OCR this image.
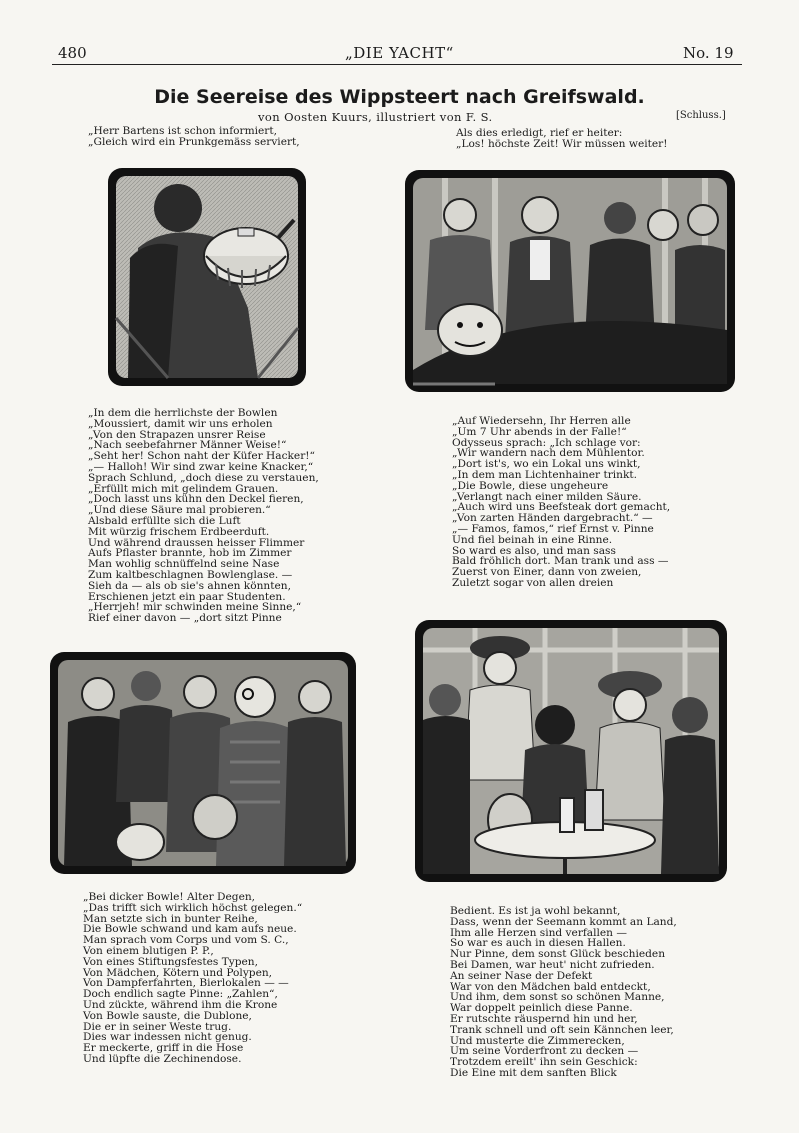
480	„DIE YACHT“	No. 19
Die Seereise des Wippsteert nach Greifswald.
von Oosten Kuurs, illustriert von F. S.	[Schluss.]
„Herr Bartens ist schon informiert,
„Gleich wird ein Prunkgemäss serviert,
Als dies erledigt, rief er heiter:
„Los! höchste Zeit! Wir müssen weiter!
„In dem die herrlichste der Bowlen
„Moussiert, damit wir uns erholen
„Von den Strapazen unsrer Reise
„Nach seebefahrner Männer Weise!“
„Seht her! Schon naht der Küfer Hacker!“
„— Halloh! Wir sind zwar keine Knacker,“
Sprach Schlund, „doch diese zu verstauen,
„Erfüllt mich mit gelindem Grauen.
„Doch lasst uns kühn den Deckel fieren,
„Und diese Säure mal probieren.“
Alsbald erfüllte sich die Luft
Mit würzig frischem Erdbeerduft.
Und während draussen heisser Flimmer
Aufs Pflaster brannte, hob im Zimmer
Man wohlig schnüffelnd seine Nase
Zum kaltbeschlagnen Bowlenglase. —
Sieh da — als ob sie's ahnen könnten,
Erschienen jetzt ein paar Studenten.
„Herrjeh! mir schwinden meine Sinne,“
Rief einer davon — „dort sitzt Pinne
„Auf Wiedersehn, Ihr Herren alle
„Um 7 Uhr abends in der Falle!“
Odysseus sprach: „Ich schlage vor:
„Wir wandern nach dem Mühlentor.
„Dort ist's, wo ein Lokal uns winkt,
„In dem man Lichtenhainer trinkt.
„Die Bowle, diese ungeheure
„Verlangt nach einer milden Säure.
„Auch wird uns Beefsteak dort gemacht,
„Von zarten Händen dargebracht.“ —
„— Famos, famos,“ rief Ernst v. Pinne
Und fiel beinah in eine Rinne.
So ward es also, und man sass
Bald fröhlich dort. Man trank und ass —
Zuerst von Einer, dann von zweien,
Zuletzt sogar von allen dreien
„Bei dicker Bowle! Alter Degen,
„Das trifft sich wirklich höchst gelegen.“
Man setzte sich in bunter Reihe,
Die Bowle schwand und kam aufs neue.
Man sprach vom Corps und vom S. C.,
Von einem blutigen P. P.,
Von eines Stiftungsfestes Typen,
Von Mädchen, Kötern und Polypen,
Von Dampferfahrten, Bierlokalen — —
Doch endlich sagte Pinne: „Zahlen“,
Und zückte, während ihm die Krone
Von Bowle sauste, die Dublone,
Die er in seiner Weste trug.
Dies war indessen nicht genug.
Er meckerte, griff in die Hose
Und lüpfte die Zechinendose.
Bedient. Es ist ja wohl bekannt,
Dass, wenn der Seemann kommt an Land,
Ihm alle Herzen sind verfallen —
So war es auch in diesen Hallen.
Nur Pinne, dem sonst Glück beschieden
Bei Damen, war heut' nicht zufrieden.
An seiner Nase der Defekt
War von den Mädchen bald entdeckt,
Und ihm, dem sonst so schönen Manne,
War doppelt peinlich diese Panne.
Er rutschte räuspernd hin und her,
Trank schnell und oft sein Kännchen leer,
Und musterte die Zimmerecken,
Um seine Vorderfront zu decken —
Trotzdem ereilt' ihn sein Geschick:
Die Eine mit dem sanften Blick
